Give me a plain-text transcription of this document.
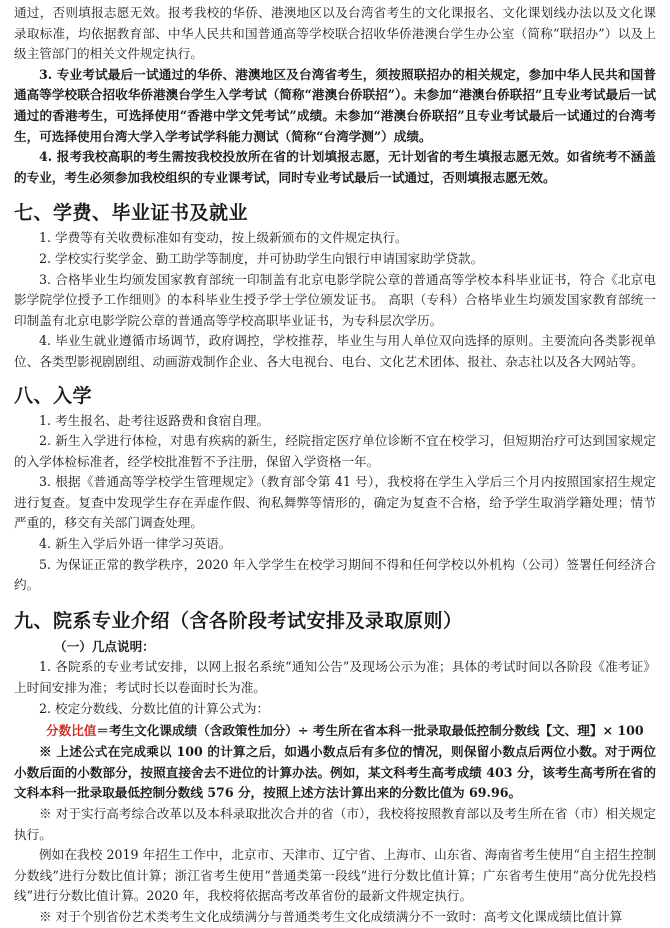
通过，否则填报志愿无效。报考我校的华侨、港澳地区以及台湾省考生的文化课报名、文化课划线办法以及文化课录取标准，均依据教育部、中华人民共和国普通高等学校联合招收华侨港澳台学生办公室（简称“联招办”）以及上级主管部门的相关文件规定执行。

3. 专业考试最后一试通过的华侨、港澳地区及台湾省考生，须按照联招办的相关规定，参加中华人民共和国普通高等学校联合招收华侨港澳台学生入学考试（简称“港澳台侨联招”）。未参加“港澳台侨联招”且专业考试最后一试通过的香港考生，可选择使用“香港中学文凭考试”成绩。未参加“港澳台侨联招”且专业考试最后一试通过的台湾考生，可选择使用台湾大学入学考试学科能力测试（简称“台湾学测”）成绩。

4. 报考我校高职的考生需按我校投放所在省的计划填报志愿，无计划省的考生填报志愿无效。如省统考不涵盖的专业，考生必须参加我校组织的专业课考试，同时专业考试最后一试通过，否则填报志愿无效。

七、学费、毕业证书及就业

1. 学费等有关收费标准如有变动，按上级新颁布的文件规定执行。

2. 学校实行奖学金、勤工助学等制度，并可协助学生向银行申请国家助学贷款。

3. 合格毕业生均颁发国家教育部统一印制盖有北京电影学院公章的普通高等学校本科毕业证书，符合《北京电影学院学位授予工作细则》的本科毕业生授予学士学位颁发证书。 高职（专科）合格毕业生均颁发国家教育部统一印制盖有北京电影学院公章的普通高等学校高职毕业证书，为专科层次学历。

4. 毕业生就业遵循市场调节，政府调控，学校推荐，毕业生与用人单位双向选择的原则。主要流向各类影视单位、各类型影视剧剧组、动画游戏制作企业、各大电视台、电台、文化艺术团体、报社、杂志社以及各大网站等。

八、入学

1. 考生报名、赴考往返路费和食宿自理。

2. 新生入学进行体检，对患有疾病的新生，经院指定医疗单位诊断不宜在校学习，但短期治疗可达到国家规定的入学体检标准者，经学校批准暂不予注册，保留入学资格一年。

3. 根据《普通高等学校学生管理规定》（教育部令第 41 号），我校将在学生入学后三个月内按照国家招生规定进行复查。复查中发现学生存在弄虚作假、徇私舞弊等情形的，确定为复查不合格，给予学生取消学籍处理；情节严重的，移交有关部门调查处理。

4. 新生入学后外语一律学习英语。

5. 为保证正常的教学秩序，2020 年入学学生在校学习期间不得和任何学校以外机构（公司）签署任何经济合约。

九、院系专业介绍（含各阶段考试安排及录取原则）

（一）几点说明：

1. 各院系的专业考试安排，以网上报名系统“通知公告”及现场公示为准；具体的考试时间以各阶段《准考证》上时间安排为准；考试时长以卷面时长为准。

2. 校定分数线、分数比值的计算公式为：

分数比值＝考生文化课成绩（含政策性加分）÷ 考生所在省本科一批录取最低控制分数线【文、理】× 100

※ 上述公式在完成乘以 100 的计算之后，如遇小数点后有多位的情况，则保留小数点后两位小数。对于两位小数后面的小数部分，按照直接舍去不进位的计算办法。例如，某文科考生高考成绩 403 分，该考生高考所在省的文科本科一批录取最低控制分数线 576 分，按照上述方法计算出来的分数比值为 69.96。

※ 对于实行高考综合改革以及本科录取批次合并的省（市），我校将按照教育部以及考生所在省（市）相关规定执行。

例如在我校 2019 年招生工作中，北京市、天津市、辽宁省、上海市、山东省、海南省考生使用“自主招生控制分数线”进行分数比值计算；浙江省考生使用“普通类第一段线”进行分数比值计算；广东省考生使用“高分优先投档线”进行分数比值计算。2020 年，我校将依据高考改革省份的最新文件规定执行。

※ 对于个别省份艺术类考生文化成绩满分与普通类考生文化成绩满分不一致时：高考文化课成绩比值计算
